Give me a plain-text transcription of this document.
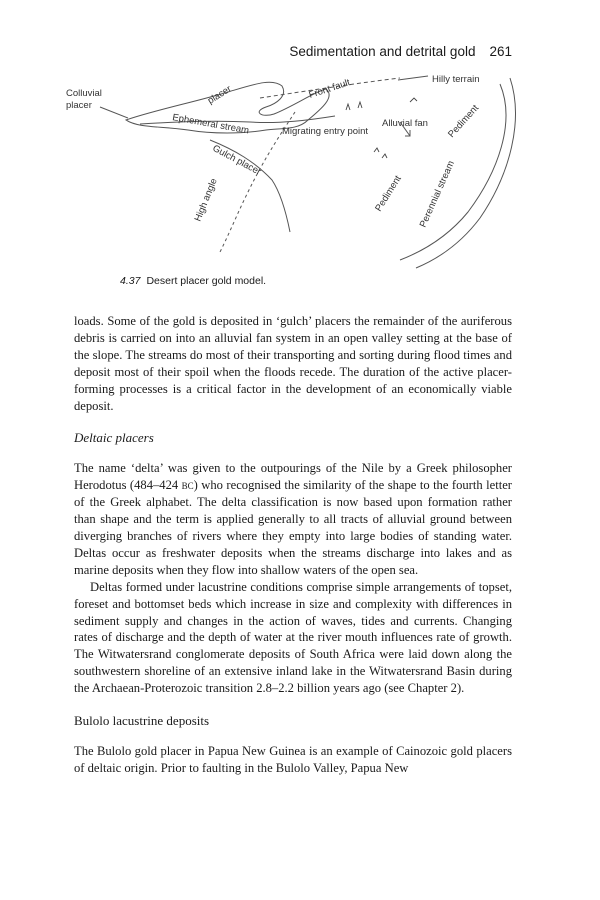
Sedimentation and detrital gold 261
Colluvial
placer	placer	Front fault	Hilly terrain
Ephemeral stream	Migrating entry point
Alluvial fan Pediment
Gulch placer
High angle	Pediment Perennial stream
4.37 Desert placer gold model.

loads. Some of the gold is deposited in ‘gulch’ placers the remainder of the auriferous debris is carried on into an alluvial fan system in an open valley setting at the base of the slope. The streams do most of their transporting and sorting during flood times and deposit most of their spoil when the floods recede. The duration of the active placer-forming processes is a critical factor in the development of an economically viable deposit.

Deltaic placers

The name ‘delta’ was given to the outpourings of the Nile by a Greek philosopher Herodotus (484–424 bc) who recognised the similarity of the shape to the fourth letter of the Greek alphabet. The delta classification is now based upon formation rather than shape and the term is applied generally to all tracts of alluvial ground between diverging branches of rivers where they empty into large bodies of standing water. Deltas occur as freshwater deposits when the streams discharge into lakes and as marine deposits when they flow into shallow waters of the open sea.

Deltas formed under lacustrine conditions comprise simple arrangements of topset, foreset and bottomset beds which increase in size and complexity with differences in sediment supply and changes in the action of waves, tides and currents. Changing rates of discharge and the depth of water at the river mouth influences rate of growth. The Witwatersrand conglomerate deposits of South Africa were laid down along the southwestern shoreline of an extensive inland lake in the Witwatersrand Basin during the Archaean-Proterozoic transition 2.8–2.2 billion years ago (see Chapter 2).

Bulolo lacustrine deposits

The Bulolo gold placer in Papua New Guinea is an example of Cainozoic gold placers of deltaic origin. Prior to faulting in the Bulolo Valley, Papua New
